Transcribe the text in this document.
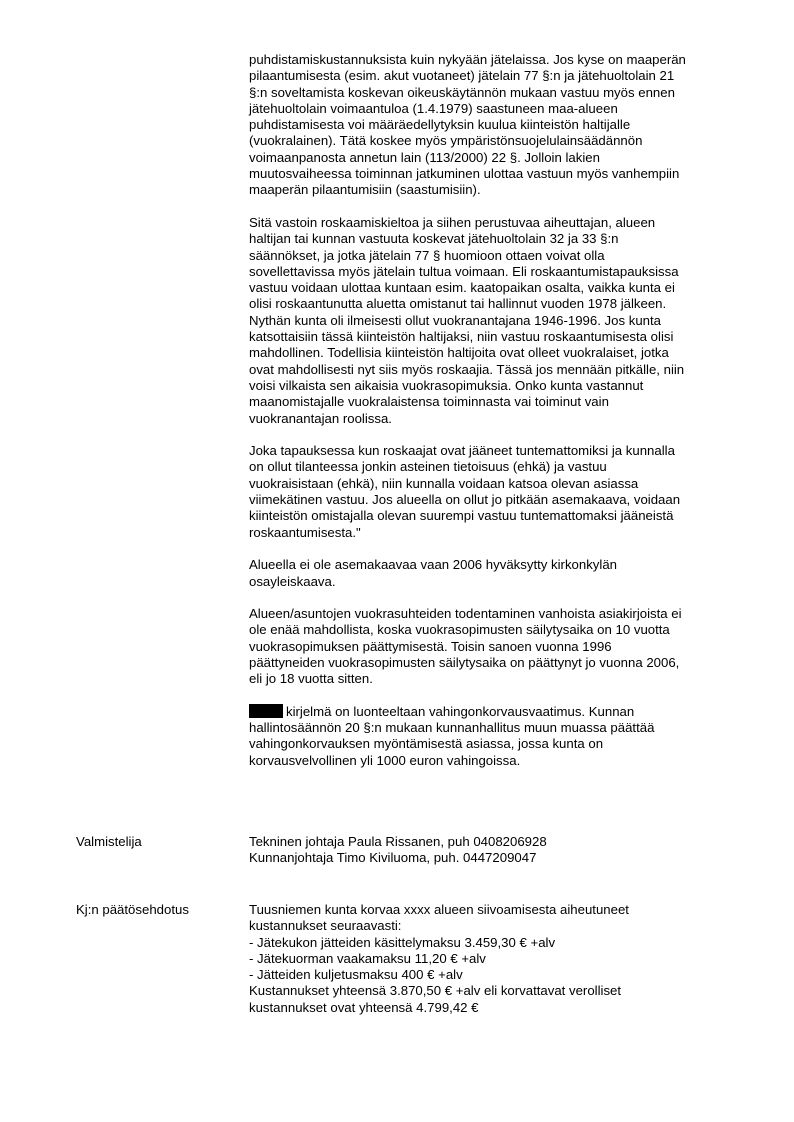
puhdistamiskustannuksista kuin nykyään jätelaissa. Jos kyse on maaperän
pilaantumisesta (esim. akut vuotaneet) jätelain 77 §:n ja jätehuoltolain 21
§:n soveltamista koskevan oikeuskäytännön mukaan vastuu myös ennen
jätehuoltolain voimaantuloa (1.4.1979) saastuneen maa-alueen
puhdistamisesta voi määräedellytyksin kuulua kiinteistön haltijalle
(vuokralainen). Tätä koskee myös ympäristönsuojelulainsäädännön
voimaanpanosta annetun lain (113/2000) 22 §. Jolloin lakien
muutosvaiheessa toiminnan jatkuminen ulottaa vastuun myös vanhempiin
maaperän pilaantumisiin (saastumisiin).

Sitä vastoin roskaamiskieltoa ja siihen perustuvaa aiheuttajan, alueen
haltijan tai kunnan vastuuta koskevat jätehuoltolain 32 ja 33 §:n
säännökset, ja jotka jätelain 77 § huomioon ottaen voivat olla
sovellettavissa myös jätelain tultua voimaan. Eli roskaantumistapauksissa
vastuu voidaan ulottaa kuntaan esim. kaatopaikan osalta, vaikka kunta ei
olisi roskaantunutta aluetta omistanut tai hallinnut vuoden 1978 jälkeen.
Nythän kunta oli ilmeisesti ollut vuokranantajana 1946-1996. Jos kunta
katsottaisiin tässä kiinteistön haltijaksi, niin vastuu roskaantumisesta olisi
mahdollinen. Todellisia kiinteistön haltijoita ovat olleet vuokralaiset, jotka
ovat mahdollisesti nyt siis myös roskaajia. Tässä jos mennään pitkälle, niin
voisi vilkaista sen aikaisia vuokrasopimuksia. Onko kunta vastannut
maanomistajalle vuokralaistensa toiminnasta vai toiminut vain
vuokranantajan roolissa.

Joka tapauksessa kun roskaajat ovat jääneet tuntemattomiksi ja kunnalla
on ollut tilanteessa jonkin asteinen tietoisuus (ehkä) ja vastuu
vuokraisistaan (ehkä), niin kunnalla voidaan katsoa olevan asiassa
viimekätinen vastuu. Jos alueella on ollut jo pitkään asemakaava, voidaan
kiinteistön omistajalla olevan suurempi vastuu tuntemattomaksi jääneistä
roskaantumisesta."

Alueella ei ole asemakaavaa vaan 2006 hyväksytty kirkonkylän
osayleiskaava.

Alueen/asuntojen vuokrasuhteiden todentaminen vanhoista asiakirjoista ei
ole enää mahdollista, koska vuokrasopimusten säilytysaika on 10 vuotta
vuokrasopimuksen päättymisestä. Toisin sanoen vuonna 1996
päättyneiden vuokrasopimusten säilytysaika on päättynyt jo vuonna 2006,
eli jo 18 vuotta sitten.

kirjelmä on luonteeltaan vahingonkorvausvaatimus. Kunnan
hallintosäännön 20 §:n mukaan kunnanhallitus muun muassa päättää
vahingonkorvauksen myöntämisestä asiassa, jossa kunta on
korvausvelvollinen yli 1000 euron vahingoissa.

Valmistelija	Tekninen johtaja Paula Rissanen, puh 0408206928
Kunnanjohtaja Timo Kiviluoma, puh. 0447209047
Kj:n päätösehdotus	Tuusniemen kunta korvaa xxxx alueen siivoamisesta aiheutuneet
kustannukset seuraavasti:
- Jätekukon jätteiden käsittelymaksu 3.459,30 € +alv
- Jätekuorman vaakamaksu 11,20 € +alv
- Jätteiden kuljetusmaksu 400 € +alv
Kustannukset yhteensä 3.870,50 € +alv eli korvattavat verolliset
kustannukset ovat yhteensä 4.799,42 €
